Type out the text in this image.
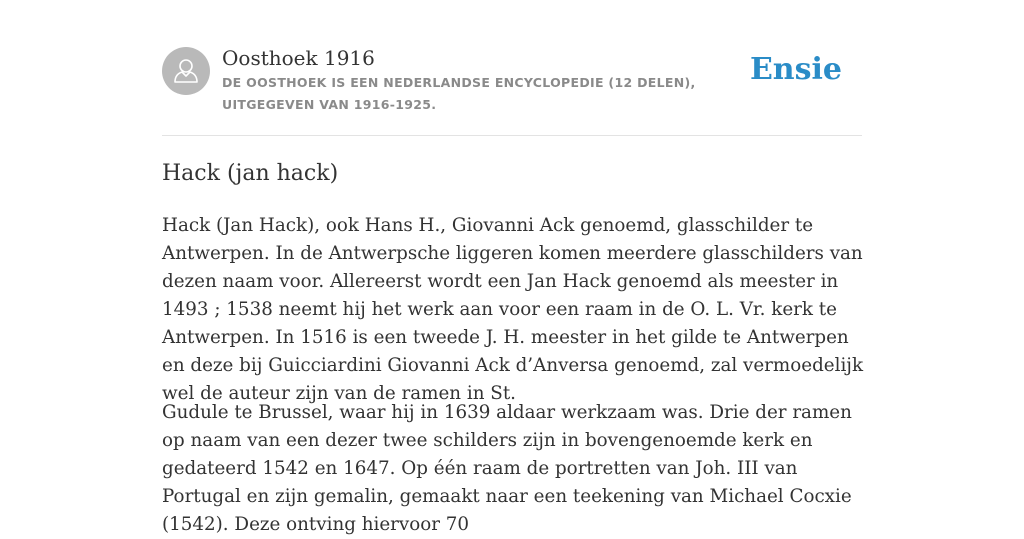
Oosthoek 1916
DE OOSTHOEK IS EEN NEDERLANDSE ENCYCLOPEDIE (12 DELEN), UITGEGEVEN VAN 1916-1925.
Ensie
Hack (jan hack)

Hack (Jan Hack), ook Hans H., Giovanni Ack genoemd, glasschilder te Antwerpen. In de Antwerpsche liggeren komen meerdere glasschilders van dezen naam voor. Allereerst wordt een Jan Hack genoemd als meester in 1493 ; 1538 neemt hij het werk aan voor een raam in de O. L. Vr. kerk te Antwerpen. In 1516 is een tweede J. H. meester in het gilde te Antwerpen en deze bij Guicciardini Giovanni Ack d’Anversa genoemd, zal vermoedelijk wel de auteur zijn van de ramen in St.

Gudule te Brussel, waar hij in 1639 aldaar werkzaam was. Drie der ramen op naam van een dezer twee schilders zijn in bovengenoemde kerk en gedateerd 1542 en 1647. Op één raam de portretten van Joh. III van Portugal en zijn gemalin, gemaakt naar een teekening van Michael Cocxie (1542). Deze ontving hiervoor 70
